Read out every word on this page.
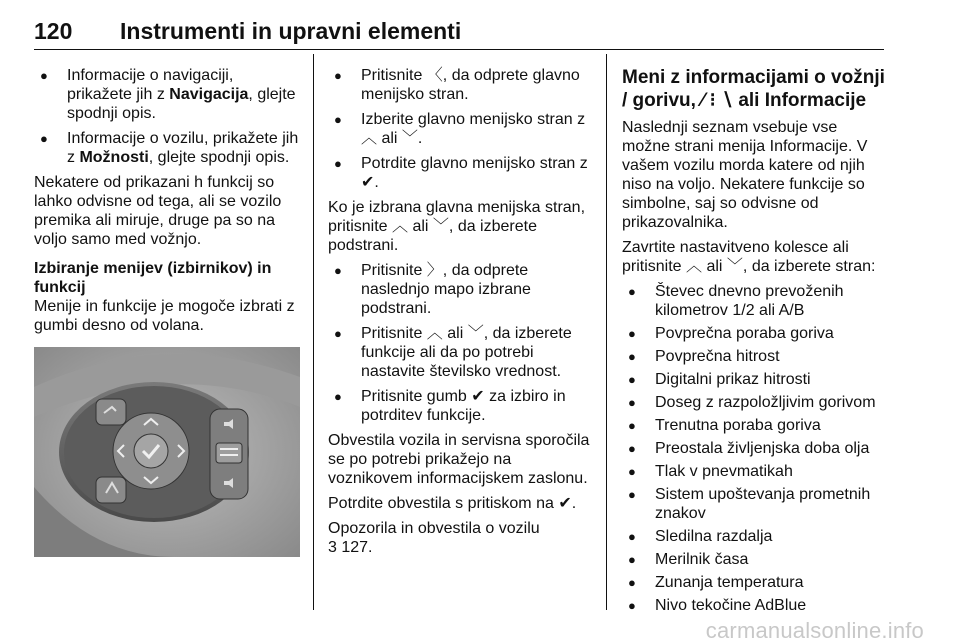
120	Instrumenti in upravni elementi
● Informacije o navigaciji, prikažete jih z Navigacija, glejte spodnji opis.
● Informacije o vozilu, prikažete jih z Možnosti, glejte spodnji opis.

Nekatere od prikazani h funkcij so lahko odvisne od tega, ali se vozilo premika ali miruje, druge pa so na voljo samo med vožnjo.

Izbiranje menijev (izbirnikov) in funkcij

Menije in funkcije je mogoče izbrati z gumbi desno od volana.

● Pritisnite 〈, da odprete glavno menijsko stran.
● Izberite glavno menijsko stran z ︿ ali ﹀.
● Potrdite glavno menijsko stran z ✔.

Ko je izbrana glavna menijska stran, pritisnite ︿ ali ﹀, da izberete podstrani.

● Pritisnite 〉, da odprete naslednjo mapo izbrane podstrani.
● Pritisnite ︿ ali ﹀, da izberete funkcije ali da po potrebi nastavite številsko vrednost.
● Pritisnite gumb ✔ za izbiro in potrditev funkcije.

Obvestila vozila in servisna sporočila se po potrebi prikažejo na voznikovem informacijskem zaslonu.

Potrdite obvestila s pritiskom na ✔.

Opozorila in obvestila o vozilu

3 127.

Meni z informacijami o vožnji / gorivu, ⁄ ⁝ ∖ ali Informacije

Naslednji seznam vsebuje vse možne strani menija Informacije. V vašem vozilu morda katere od njih niso na voljo. Nekatere funkcije so simbolne, saj so odvisne od prikazovalnika.

Zavrtite nastavitveno kolesce ali pritisnite ︿ ali ﹀, da izberete stran:

● Števec dnevno prevoženih kilometrov 1/2 ali A/B
● Povprečna poraba goriva
● Povprečna hitrost
● Digitalni prikaz hitrosti
● Doseg z razpoložljivim gorivom
● Trenutna poraba goriva
● Preostala življenjska doba olja
● Tlak v pnevmatikah
● Sistem upoštevanja prometnih znakov
● Sledilna razdalja
● Merilnik časa
● Zunanja temperatura
● Nivo tekočine AdBlue
carmanualsonline.info
